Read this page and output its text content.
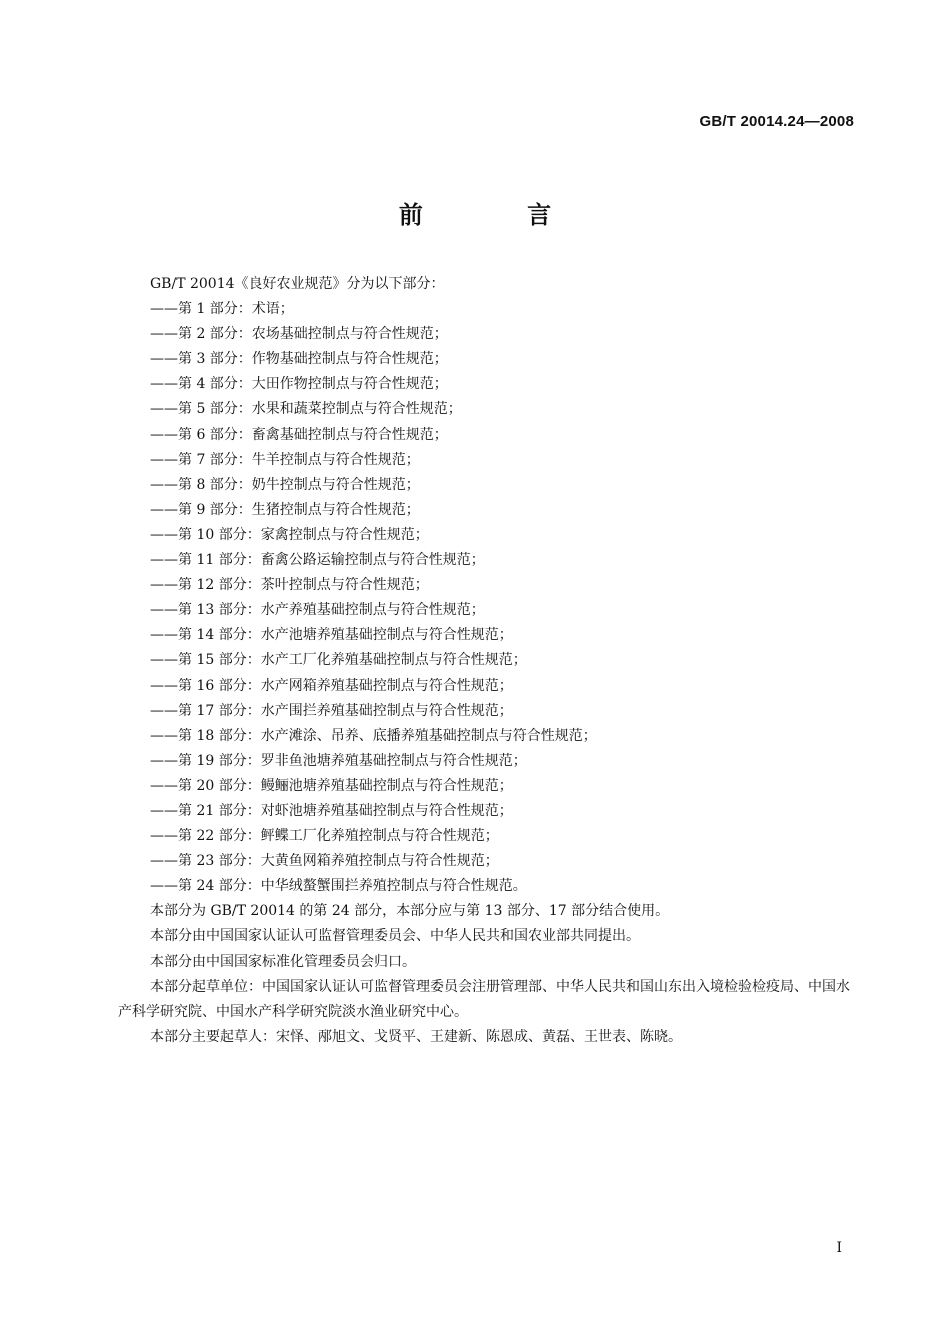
GB/T 20014.24—2008
前 言
GB/T 20014《良好农业规范》分为以下部分：
——第 1 部分：术语；
——第 2 部分：农场基础控制点与符合性规范；
——第 3 部分：作物基础控制点与符合性规范；
——第 4 部分：大田作物控制点与符合性规范；
——第 5 部分：水果和蔬菜控制点与符合性规范；
——第 6 部分：畜禽基础控制点与符合性规范；
——第 7 部分：牛羊控制点与符合性规范；
——第 8 部分：奶牛控制点与符合性规范；
——第 9 部分：生猪控制点与符合性规范；
——第 10 部分：家禽控制点与符合性规范；
——第 11 部分：畜禽公路运输控制点与符合性规范；
——第 12 部分：茶叶控制点与符合性规范；
——第 13 部分：水产养殖基础控制点与符合性规范；
——第 14 部分：水产池塘养殖基础控制点与符合性规范；
——第 15 部分：水产工厂化养殖基础控制点与符合性规范；
——第 16 部分：水产网箱养殖基础控制点与符合性规范；
——第 17 部分：水产围拦养殖基础控制点与符合性规范；
——第 18 部分：水产滩涂、吊养、底播养殖基础控制点与符合性规范；
——第 19 部分：罗非鱼池塘养殖基础控制点与符合性规范；
——第 20 部分：鳗鲡池塘养殖基础控制点与符合性规范；
——第 21 部分：对虾池塘养殖基础控制点与符合性规范；
——第 22 部分：鲆鲽工厂化养殖控制点与符合性规范；
——第 23 部分：大黄鱼网箱养殖控制点与符合性规范；
——第 24 部分：中华绒螯蟹围拦养殖控制点与符合性规范。

本部分为 GB/T 20014 的第 24 部分，本部分应与第 13 部分、17 部分结合使用。

本部分由中国国家认证认可监督管理委员会、中华人民共和国农业部共同提出。

本部分由中国国家标准化管理委员会归口。

本部分起草单位：中国国家认证认可监督管理委员会注册管理部、中华人民共和国山东出入境检验检疫局、中国水产科学研究院、中国水产科学研究院淡水渔业研究中心。

本部分主要起草人：宋怿、邴旭文、戈贤平、王建新、陈恩成、黄磊、王世表、陈晓。

I
